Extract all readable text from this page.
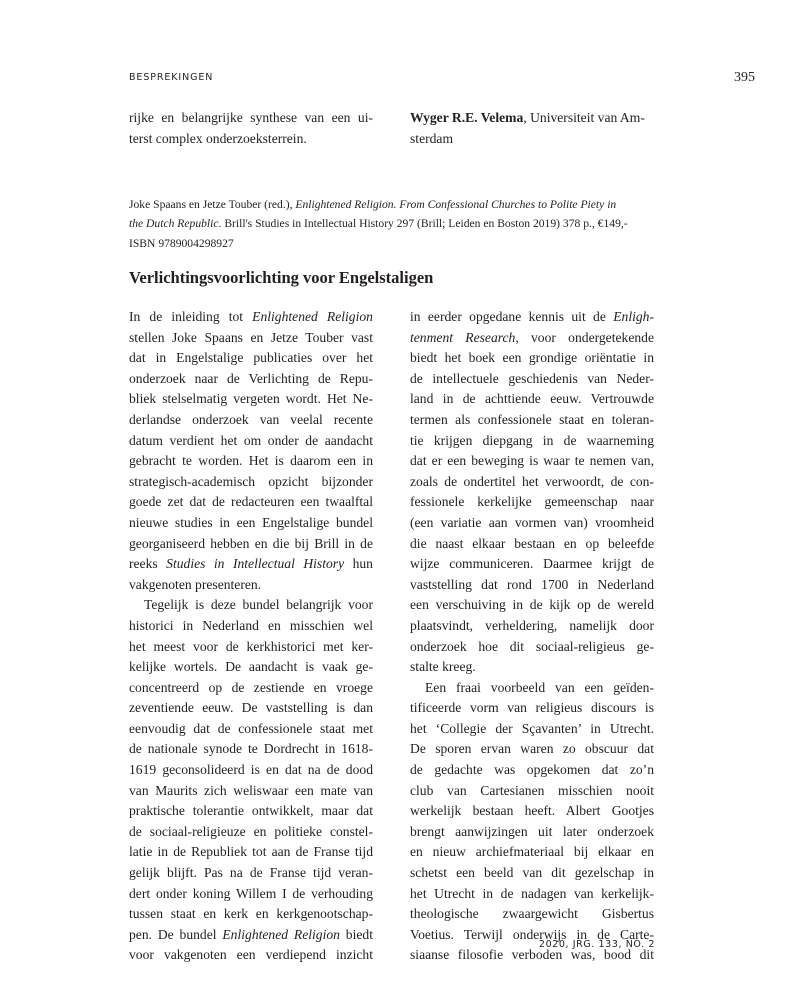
BESPREKINGEN	395
rijke en belangrijke synthese van een ui-
terst complex onderzoeksterrein.
Wyger R.E. Velema, Universiteit van Am-
sterdam
Joke Spaans en Jetze Touber (red.), Enlightened Religion. From Confessional Churches to Polite Piety in
the Dutch Republic. Brill's Studies in Intellectual History 297 (Brill; Leiden en Boston 2019) 378 p., €149,-
ISBN 9789004298927
Verlichtingsvoorlichting voor Engelstaligen
In de inleiding tot Enlightened Religion
stellen Joke Spaans en Jetze Touber vast
dat in Engelstalige publicaties over het
onderzoek naar de Verlichting de Repu-
bliek stelselmatig vergeten wordt. Het Ne-
derlandse onderzoek van veelal recente
datum verdient het om onder de aandacht
gebracht te worden. Het is daarom een in
strategisch-academisch opzicht bijzonder
goede zet dat de redacteuren een twaalftal
nieuwe studies in een Engelstalige bundel
georganiseerd hebben en die bij Brill in de
reeks Studies in Intellectual History hun
vakgenoten presenteren.
Tegelijk is deze bundel belangrijk voor
historici in Nederland en misschien wel
het meest voor de kerkhistorici met ker-
kelijke wortels. De aandacht is vaak ge-
concentreerd op de zestiende en vroege
zeventiende eeuw. De vaststelling is dan
eenvoudig dat de confessionele staat met
de nationale synode te Dordrecht in 1618-
1619 geconsolideerd is en dat na de dood
van Maurits zich weliswaar een mate van
praktische tolerantie ontwikkelt, maar dat
de sociaal-religieuze en politieke constel-
latie in de Republiek tot aan de Franse tijd
gelijk blijft. Pas na de Franse tijd veran-
dert onder koning Willem I de verhouding
tussen staat en kerk en kerkgenootschap-
pen. De bundel Enlightened Religion biedt
voor vakgenoten een verdiepend inzicht
in eerder opgedane kennis uit de Enligh-
tenment Research, voor ondergetekende
biedt het boek een grondige oriëntatie in
de intellectuele geschiedenis van Neder-
land in de achttiende eeuw. Vertrouwde
termen als confessionele staat en toleran-
tie krijgen diepgang in de waarneming
dat er een beweging is waar te nemen van,
zoals de ondertitel het verwoordt, de con-
fessionele kerkelijke gemeenschap naar
(een variatie aan vormen van) vroomheid
die naast elkaar bestaan en op beleefde
wijze communiceren. Daarmee krijgt de
vaststelling dat rond 1700 in Nederland
een verschuiving in de kijk op de wereld
plaatsvindt, verheldering, namelijk door
onderzoek hoe dit sociaal-religieus ge-
stalte kreeg.
Een fraai voorbeeld van een geïden-
tificeerde vorm van religieus discours is
het ‘Collegie der Sçavanten’ in Utrecht.
De sporen ervan waren zo obscuur dat
de gedachte was opgekomen dat zo’n
club van Cartesianen misschien nooit
werkelijk bestaan heeft. Albert Gootjes
brengt aanwijzingen uit later onderzoek
en nieuw archiefmateriaal bij elkaar en
schetst een beeld van dit gezelschap in
het Utrecht in de nadagen van kerkelijk-
theologische zwaargewicht Gisbertus
Voetius. Terwijl onderwijs in de Carte-
siaanse filosofie verboden was, bood dit
2020, JRG. 133, NO. 2
